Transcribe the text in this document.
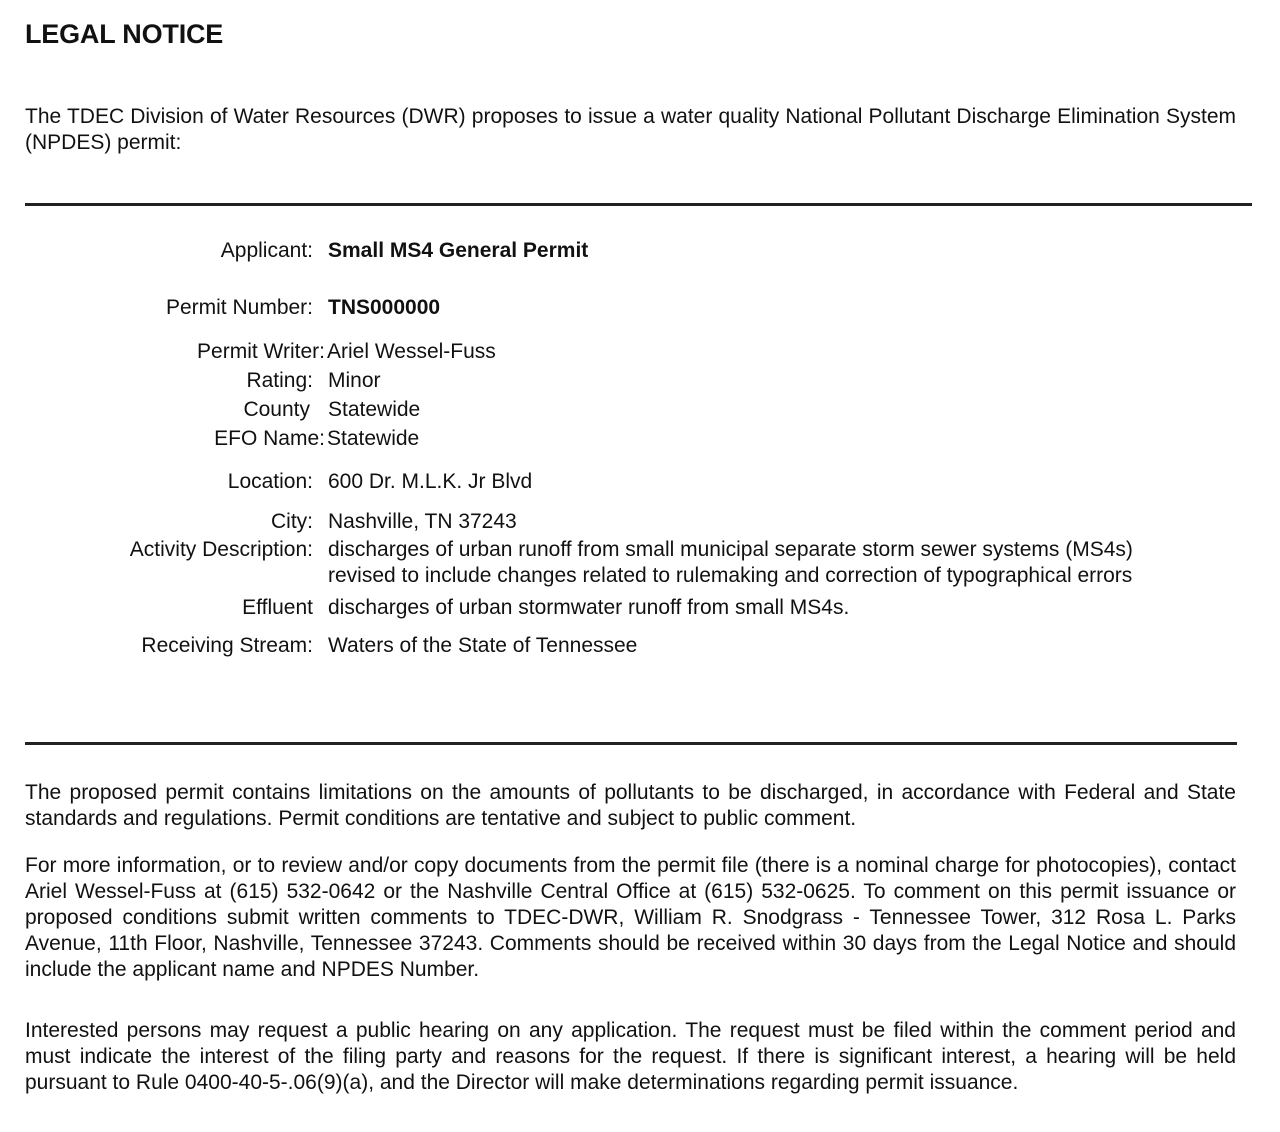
LEGAL NOTICE

The TDEC Division of Water Resources (DWR) proposes to issue a water quality National Pollutant Discharge Elimination System (NPDES) permit:

Applicant: Small MS4 General Permit
Permit Number: TNS000000
Permit Writer: Ariel Wessel-Fuss
Rating: Minor
County Statewide
EFO Name: Statewide
Location: 600 Dr. M.L.K. Jr Blvd
City: Nashville, TN 37243
Activity Description: discharges of urban runoff from small municipal separate storm sewer systems (MS4s)
revised to include changes related to rulemaking and correction of typographical errors
Effluent discharges of urban stormwater runoff from small MS4s.
Receiving Stream: Waters of the State of Tennessee

The proposed permit contains limitations on the amounts of pollutants to be discharged, in accordance with Federal and State standards and regulations. Permit conditions are tentative and subject to public comment.

For more information, or to review and/or copy documents from the permit file (there is a nominal charge for photocopies), contact Ariel Wessel-Fuss at (615) 532-0642 or the Nashville Central Office at (615) 532-0625. To comment on this permit issuance or proposed conditions submit written comments to TDEC-DWR, William R. Snodgrass - Tennessee Tower, 312 Rosa L. Parks Avenue, 11th Floor, Nashville, Tennessee 37243. Comments should be received within 30 days from the Legal Notice and should include the applicant name and NPDES Number.

Interested persons may request a public hearing on any application. The request must be filed within the comment period and must indicate the interest of the filing party and reasons for the request. If there is significant interest, a hearing will be held pursuant to Rule 0400-40-5-.06(9)(a), and the Director will make determinations regarding permit issuance.
